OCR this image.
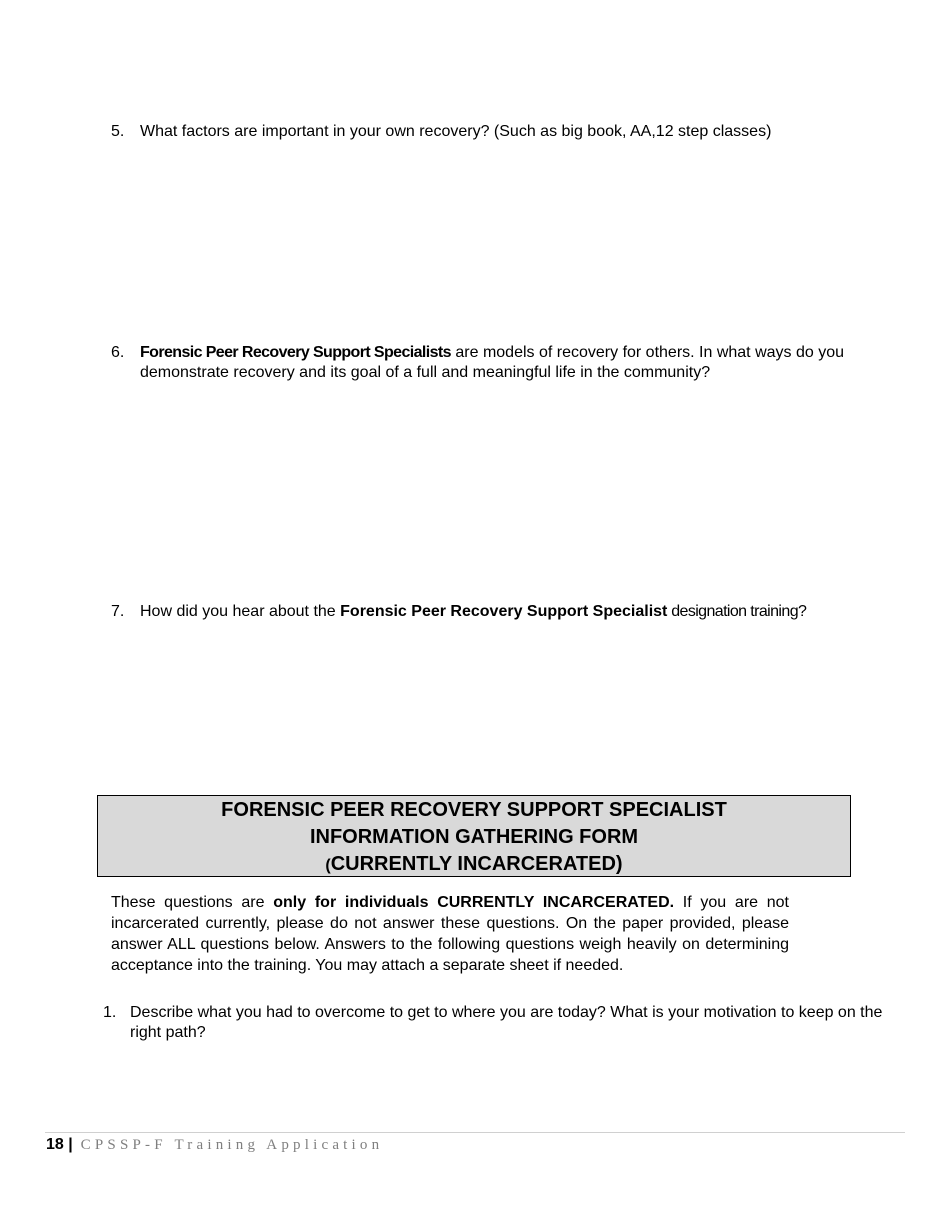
5. What factors are important in your own recovery? (Such as big book, AA,12 step classes)
6. Forensic Peer Recovery Support Specialists are models of recovery for others. In what ways do you demonstrate recovery and its goal of a full and meaningful life in the community?
7. How did you hear about the Forensic Peer Recovery Support Specialist designation training?
FORENSIC PEER RECOVERY SUPPORT SPECIALIST
INFORMATION GATHERING FORM
(CURRENTLY INCARCERATED)
These questions are only for individuals CURRENTLY INCARCERATED. If you are not incarcerated currently, please do not answer these questions. On the paper provided, please answer ALL questions below. Answers to the following questions weigh heavily on determining acceptance into the training. You may attach a separate sheet if needed.
1. Describe what you had to overcome to get to where you are today? What is your motivation to keep on the right path?
18 | CPSSP-F Training Application
